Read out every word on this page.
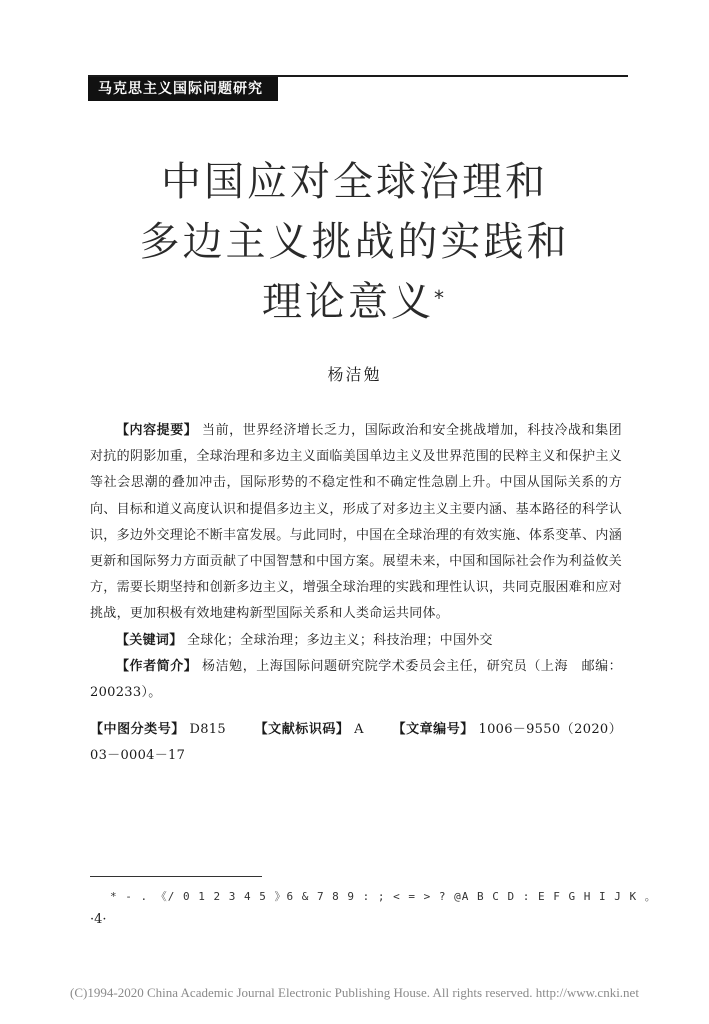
马克思主义国际问题研究
中国应对全球治理和
多边主义挑战的实践和
理论意义*
杨洁勉

【内容提要】 当前，世界经济增长乏力，国际政治和安全挑战增加，科技冷战和集团对抗的阴影加重，全球治理和多边主义面临美国单边主义及世界范围的民粹主义和保护主义等社会思潮的叠加冲击，国际形势的不稳定性和不确定性急剧上升。中国从国际关系的方向、目标和道义高度认识和提倡多边主义，形成了对多边主义主要内涵、基本路径的科学认识，多边外交理论不断丰富发展。与此同时，中国在全球治理的有效实施、体系变革、内涵更新和国际努力方面贡献了中国智慧和中国方案。展望未来，中国和国际社会作为利益攸关方，需要长期坚持和创新多边主义，增强全球治理的实践和理性认识，共同克服困难和应对挑战，更加积极有效地建构新型国际关系和人类命运共同体。

【关键词】 全球化；全球治理；多边主义；科技治理；中国外交

【作者简介】 杨洁勉，上海国际问题研究院学术委员会主任，研究员（上海　邮编：200233）。

【中图分类号】 D815 【文献标识码】 A 【文章编号】 1006－9550（2020）03－0004－17
* - . 《/ 0 1 2 3 4 5 》6 & 7 8 9 : ; < = > ? @A B C D : E F G H I J K 。
·4·
(C)1994-2020 China Academic Journal Electronic Publishing House. All rights reserved. http://www.cnki.net
